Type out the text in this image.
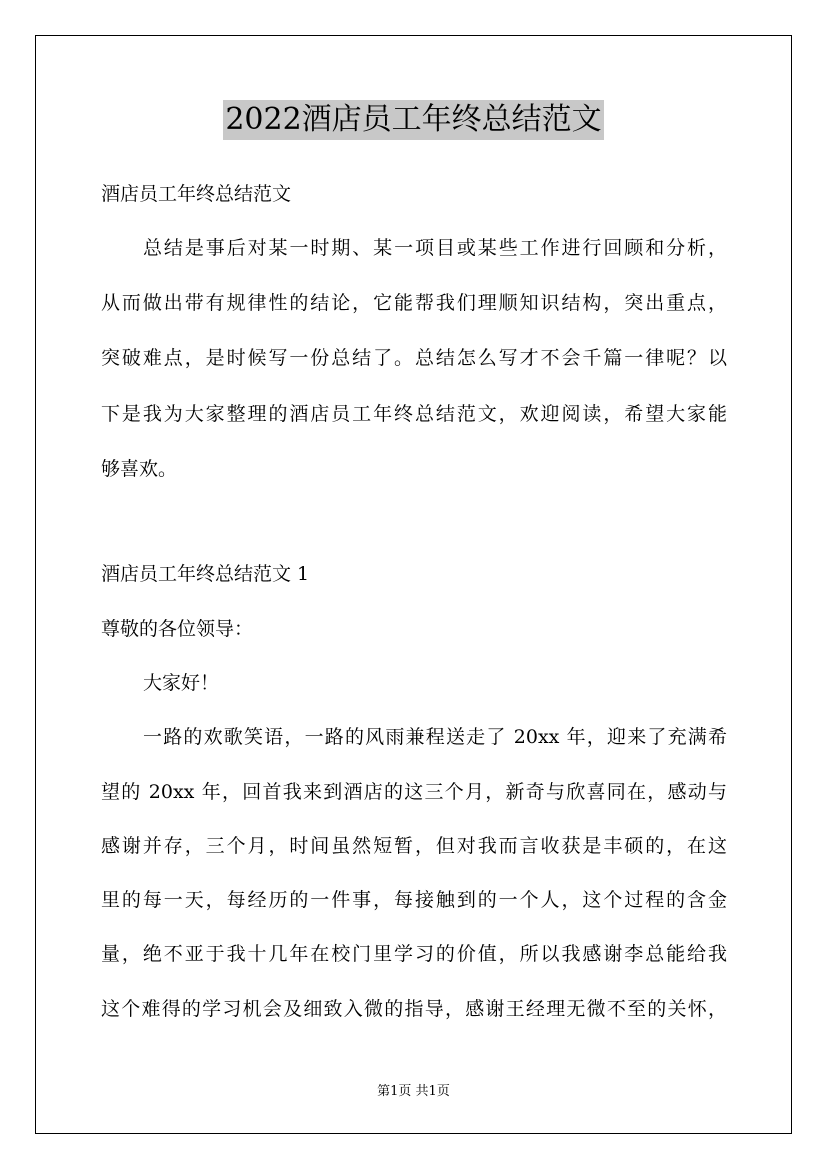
2022酒店员工年终总结范文
酒店员工年终总结范文
总结是事后对某一时期、某一项目或某些工作进行回顾和分析，
从而做出带有规律性的结论，它能帮我们理顺知识结构，突出重点，
突破难点，是时候写一份总结了。总结怎么写才不会千篇一律呢？以
下是我为大家整理的酒店员工年终总结范文，欢迎阅读，希望大家能
够喜欢。
酒店员工年终总结范文 1
尊敬的各位领导：
大家好！
一路的欢歌笑语，一路的风雨兼程送走了 20xx 年，迎来了充满希
望的 20xx 年，回首我来到酒店的这三个月，新奇与欣喜同在，感动与
感谢并存，三个月，时间虽然短暂，但对我而言收获是丰硕的，在这
里的每一天，每经历的一件事，每接触到的一个人，这个过程的含金
量，绝不亚于我十几年在校门里学习的价值，所以我感谢李总能给我
这个难得的学习机会及细致入微的指导，感谢王经理无微不至的关怀，
第1页 共1页
